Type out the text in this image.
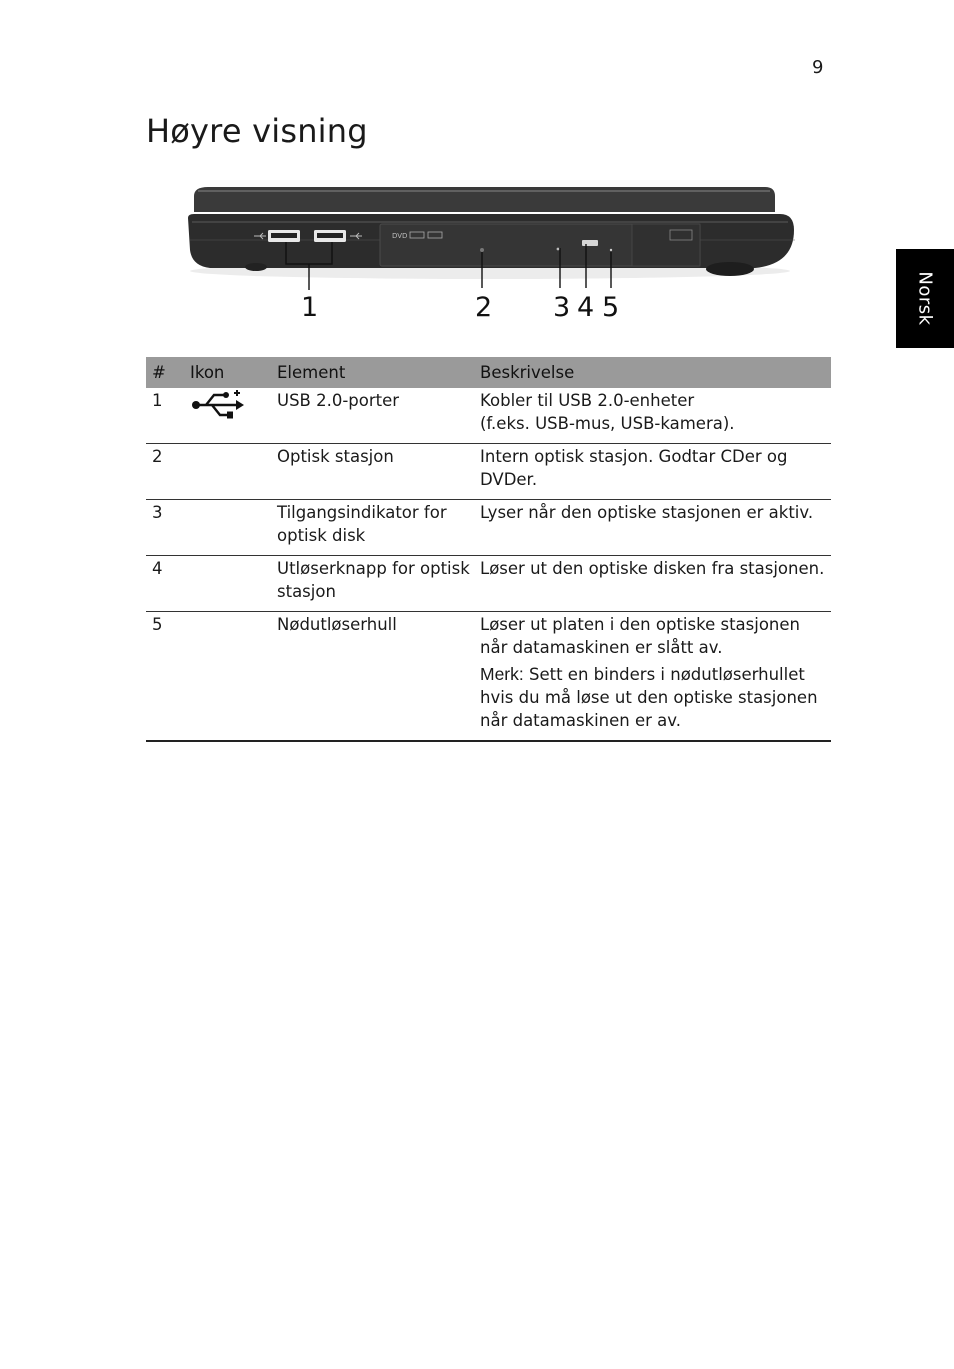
9
Høyre visning
Norsk
DVD
1	2 3 4 5
#	Ikon	Element	Beskrivelse
1		USB 2.0-porter	Kobler til USB 2.0-enheter
(f.eks. USB-mus, USB-kamera).

2		Optisk stasjon	Intern optisk stasjon. Godtar CDer og DVDer.
3		Tilgangsindikator for optisk disk	Lyser når den optiske stasjonen er aktiv.
4		Utløserknapp for optisk stasjon	Løser ut den optiske disken fra stasjonen.
5		Nødutløserhull	Løser ut platen i den optiske stasjonen når datamaskinen er slått av.
Merk: Sett en binders i nødutløserhullet hvis du må løse ut den optiske stasjonen når datamaskinen er av.
